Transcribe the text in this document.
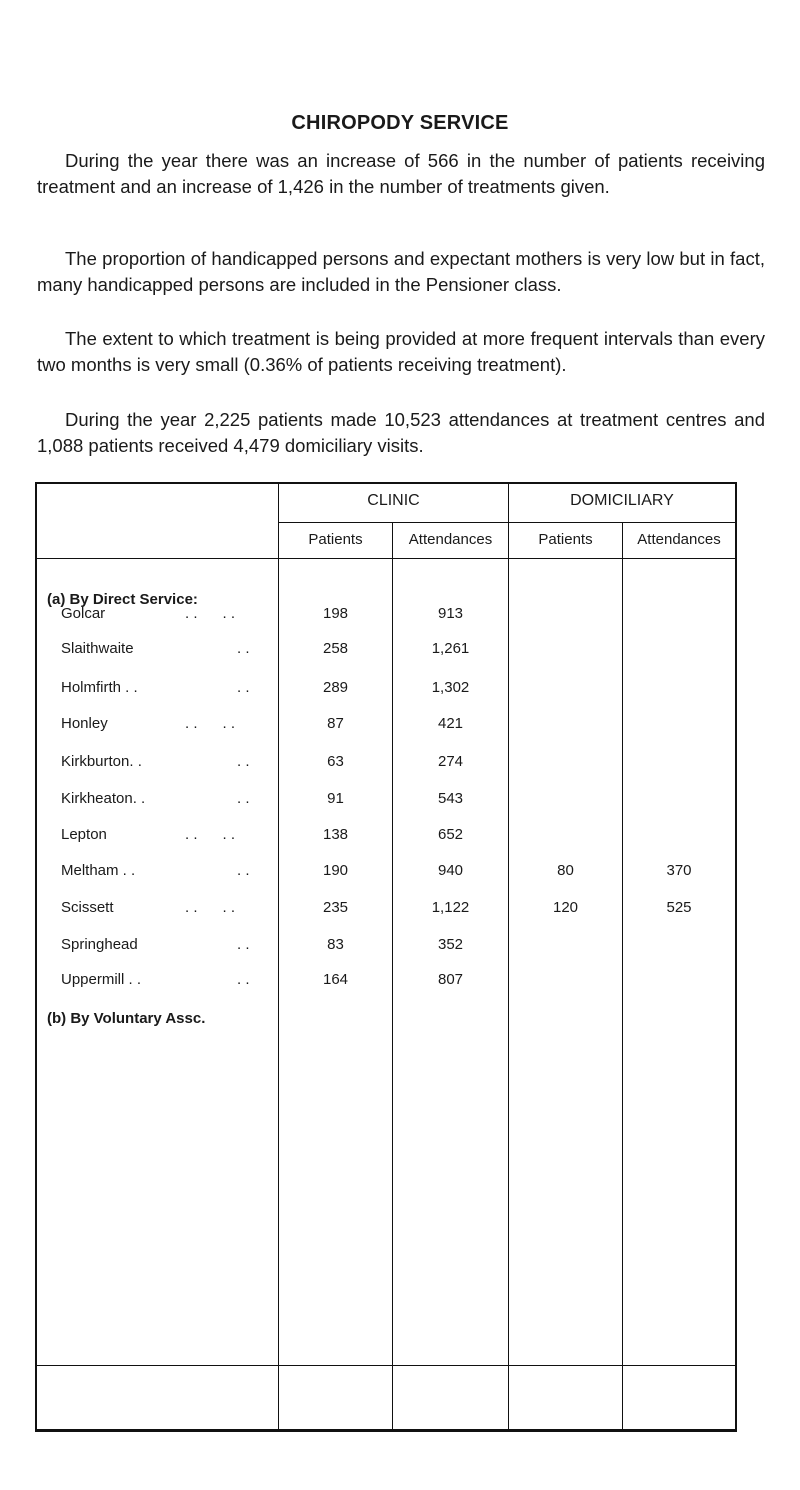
CHIROPODY SERVICE
During the year there was an increase of 566 in the number of patients receiving treatment and an increase of 1,426 in the number of treatments given.
The proportion of handicapped persons and expectant mothers is very low but in fact, many handicapped persons are included in the Pensioner class.
The extent to which treatment is being provided at more frequent intervals than every two months is very small (0.36% of patients receiving treatment).
During the year 2,225 patients made 10,523 attendances at treatment centres and 1,088 patients received 4,479 domiciliary visits.
CLINIC	DOMICILIARY
Patients	Attendances	Patients	Attendances
(a) By Direct Service:
(b) By Voluntary Assc.
Golcar	. .      . .	198	913
Slaithwaite	. .	258	1,261
Holmfirth . .	. .	289	1,302
Honley	. .      . .	87	421
Kirkburton. .	. .	63	274
Kirkheaton. .	. .	91	543
Lepton	. .      . .	138	652
Meltham . .	. .	190	940	80	370
Scissett	. .      . .	235	1,122	120	525
Springhead	. .	83	352
Uppermill . .	. .	164	807
